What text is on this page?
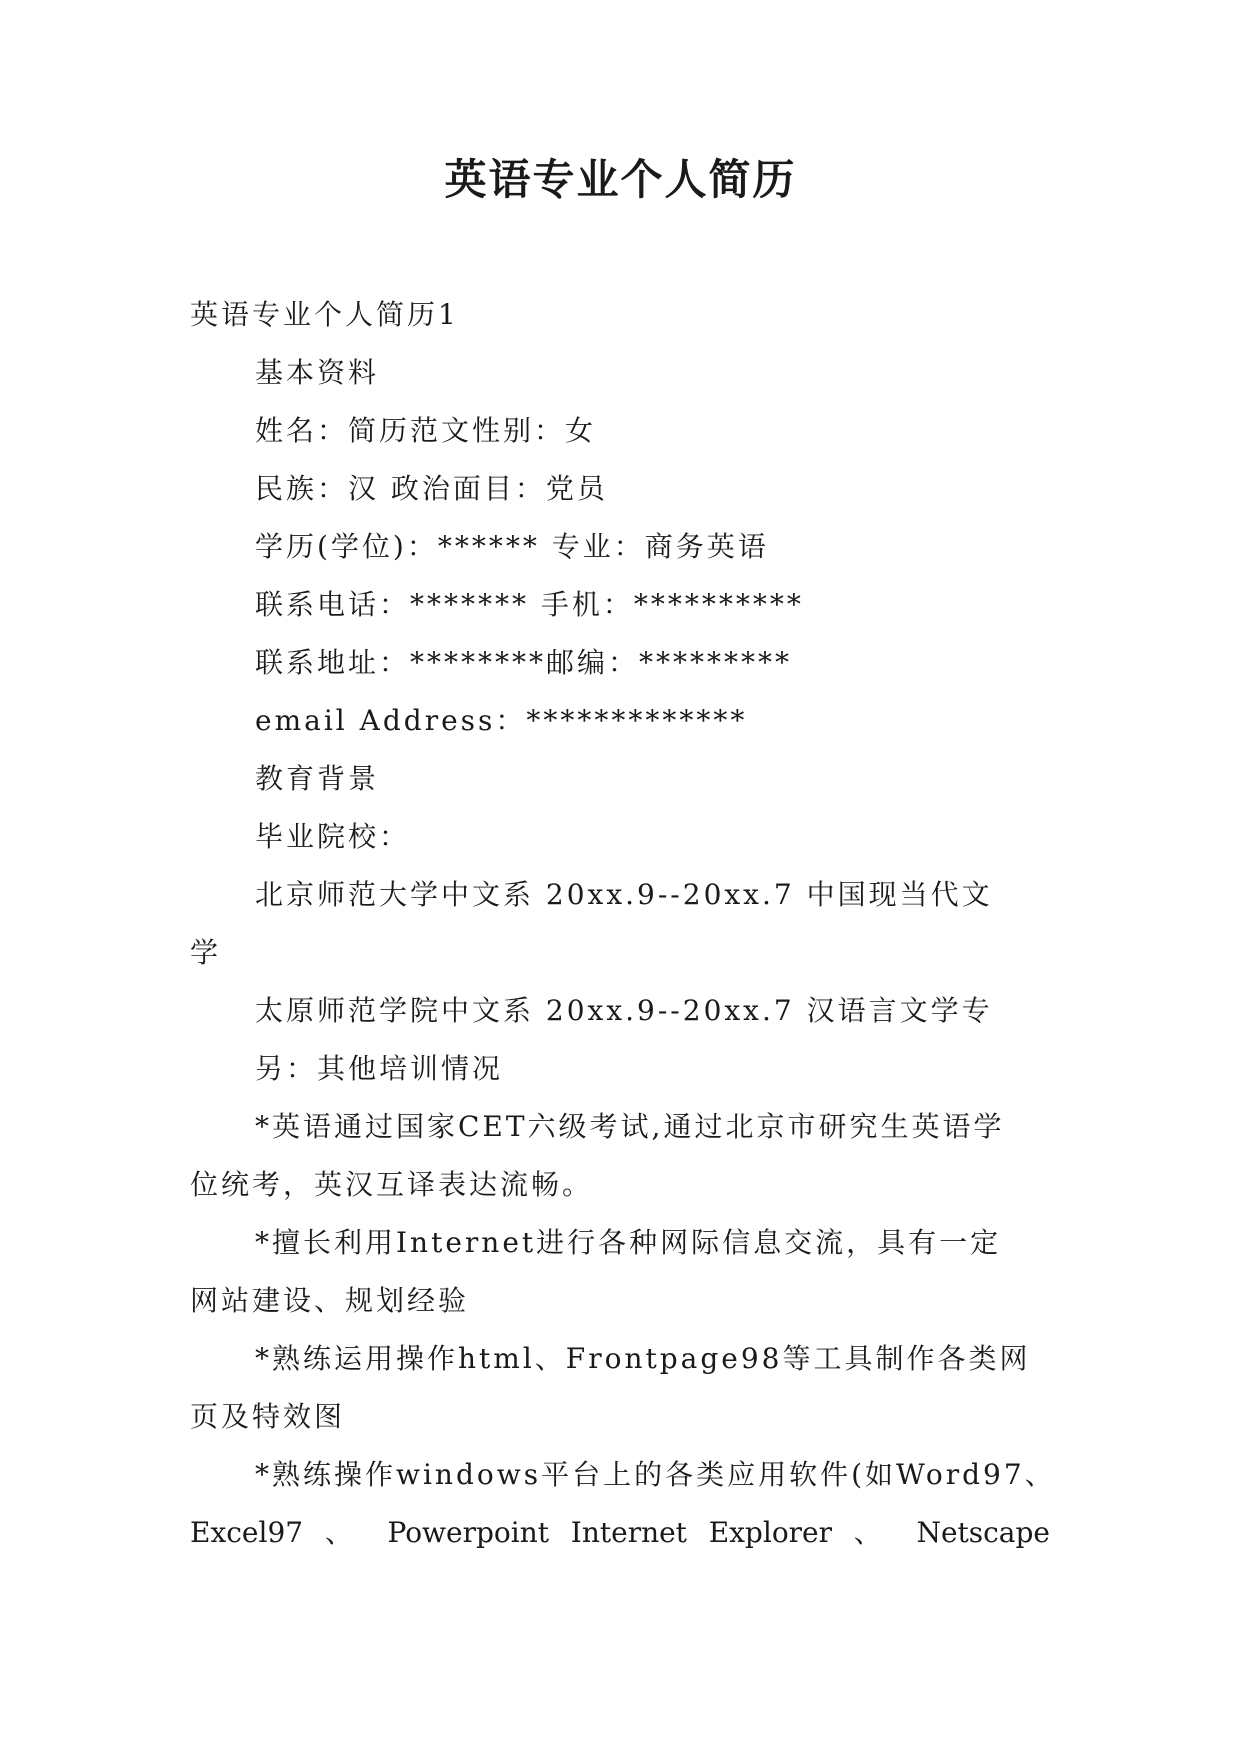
英语专业个人简历
英语专业个人简历1
基本资料
姓名：简历范文性别：女
民族：汉 政治面目：党员
学历(学位)：****** 专业：商务英语
联系电话：******* 手机：**********
联系地址：********邮编：*********
email Address：*************
教育背景
毕业院校：
北京师范大学中文系 20xx.9--20xx.7 中国现当代文
学
太原师范学院中文系 20xx.9--20xx.7 汉语言文学专
另：其他培训情况
*英语通过国家CET六级考试,通过北京市研究生英语学
位统考，英汉互译表达流畅。
*擅长利用Internet进行各种网际信息交流，具有一定
网站建设、规划经验
*熟练运用操作html、Frontpage98等工具制作各类网
页及特效图
*熟练操作windows平台上的各类应用软件(如Word97、
Excel97 、 Powerpoint Internet Explorer 、 Netscape
